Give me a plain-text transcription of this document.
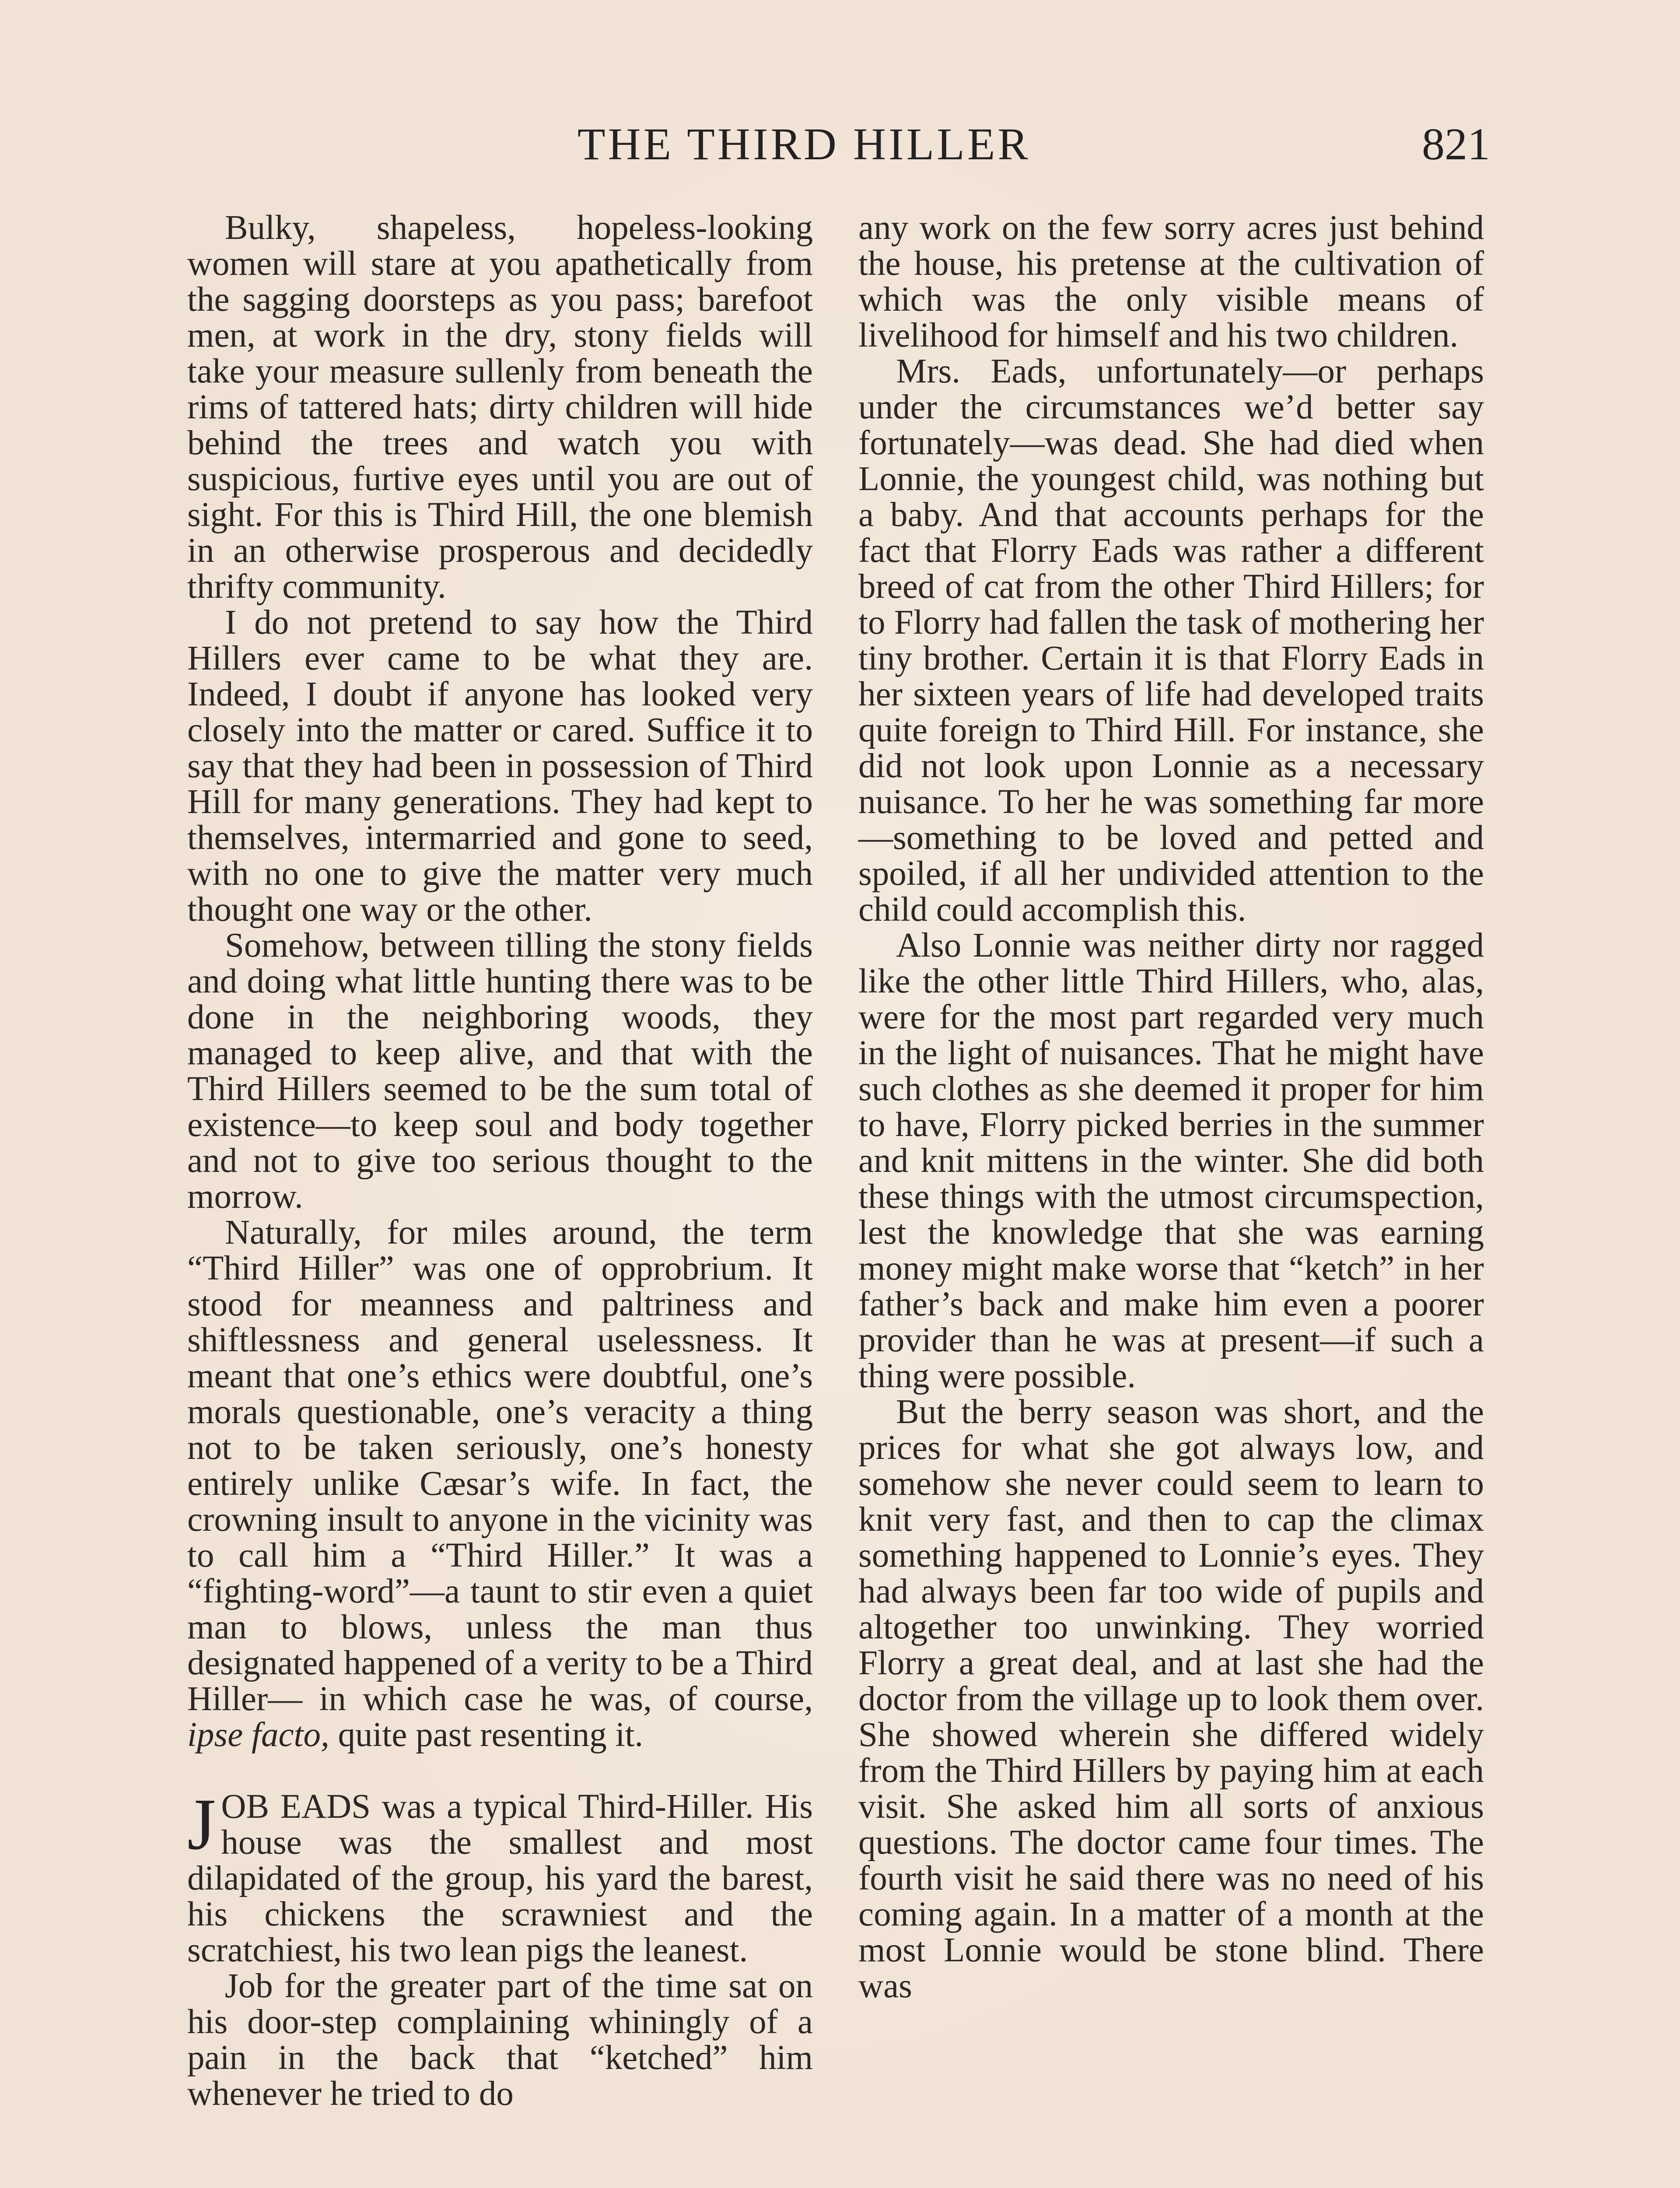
THE THIRD HILLER	821

Bulky, shapeless, hopeless-looking women will stare at you apathetically from the sagging doorsteps as you pass; barefoot men, at work in the dry, stony fields will take your measure sullenly from beneath the rims of tattered hats; dirty children will hide behind the trees and watch you with suspicious, furtive eyes until you are out of sight. For this is Third Hill, the one blemish in an otherwise prosperous and decidedly thrifty community.

I do not pretend to say how the Third Hillers ever came to be what they are. Indeed, I doubt if anyone has looked very closely into the matter or cared. Suffice it to say that they had been in possession of Third Hill for many generations. They had kept to themselves, intermarried and gone to seed, with no one to give the matter very much thought one way or the other.

Somehow, between tilling the stony fields and doing what little hunting there was to be done in the neighboring woods, they managed to keep alive, and that with the Third Hillers seemed to be the sum total of existence—to keep soul and body together and not to give too serious thought to the morrow.

Naturally, for miles around, the term “Third Hiller” was one of opprobrium. It stood for meanness and paltriness and shiftlessness and general uselessness. It meant that one’s ethics were doubtful, one’s morals questionable, one’s veracity a thing not to be taken seriously, one’s honesty entirely unlike Cæsar’s wife. In fact, the crowning insult to anyone in the vicinity was to call him a “Third Hiller.” It was a “fighting-word”—a taunt to stir even a quiet man to blows, unless the man thus designated happened of a verity to be a Third Hiller— in which case he was, of course, ipse facto, quite past resenting it.

JOB EADS was a typical Third-Hiller. His house was the smallest and most dilapidated of the group, his yard the barest, his chickens the scrawniest and the scratchiest, his two lean pigs the leanest.

Job for the greater part of the time sat on his door-step complaining whiningly of a pain in the back that “ketched” him whenever he tried to do

any work on the few sorry acres just behind the house, his pretense at the cultivation of which was the only visible means of livelihood for himself and his two children.

Mrs. Eads, unfortunately—or perhaps under the circumstances we’d better say fortunately—was dead. She had died when Lonnie, the youngest child, was nothing but a baby. And that accounts perhaps for the fact that Florry Eads was rather a different breed of cat from the other Third Hillers; for to Florry had fallen the task of mothering her tiny brother. Certain it is that Florry Eads in her sixteen years of life had developed traits quite foreign to Third Hill. For instance, she did not look upon Lonnie as a necessary nuisance. To her he was something far more—something to be loved and petted and spoiled, if all her undivided attention to the child could accomplish this.

Also Lonnie was neither dirty nor ragged like the other little Third Hillers, who, alas, were for the most part regarded very much in the light of nuisances. That he might have such clothes as she deemed it proper for him to have, Florry picked berries in the summer and knit mittens in the winter. She did both these things with the utmost circumspection, lest the knowledge that she was earning money might make worse that “ketch” in her father’s back and make him even a poorer provider than he was at present—if such a thing were possible.

But the berry season was short, and the prices for what she got always low, and somehow she never could seem to learn to knit very fast, and then to cap the climax something happened to Lonnie’s eyes. They had always been far too wide of pupils and altogether too unwinking. They worried Florry a great deal, and at last she had the doctor from the village up to look them over. She showed wherein she differed widely from the Third Hillers by paying him at each visit. She asked him all sorts of anxious questions. The doctor came four times. The fourth visit he said there was no need of his coming again. In a matter of a month at the most Lonnie would be stone blind. There was
